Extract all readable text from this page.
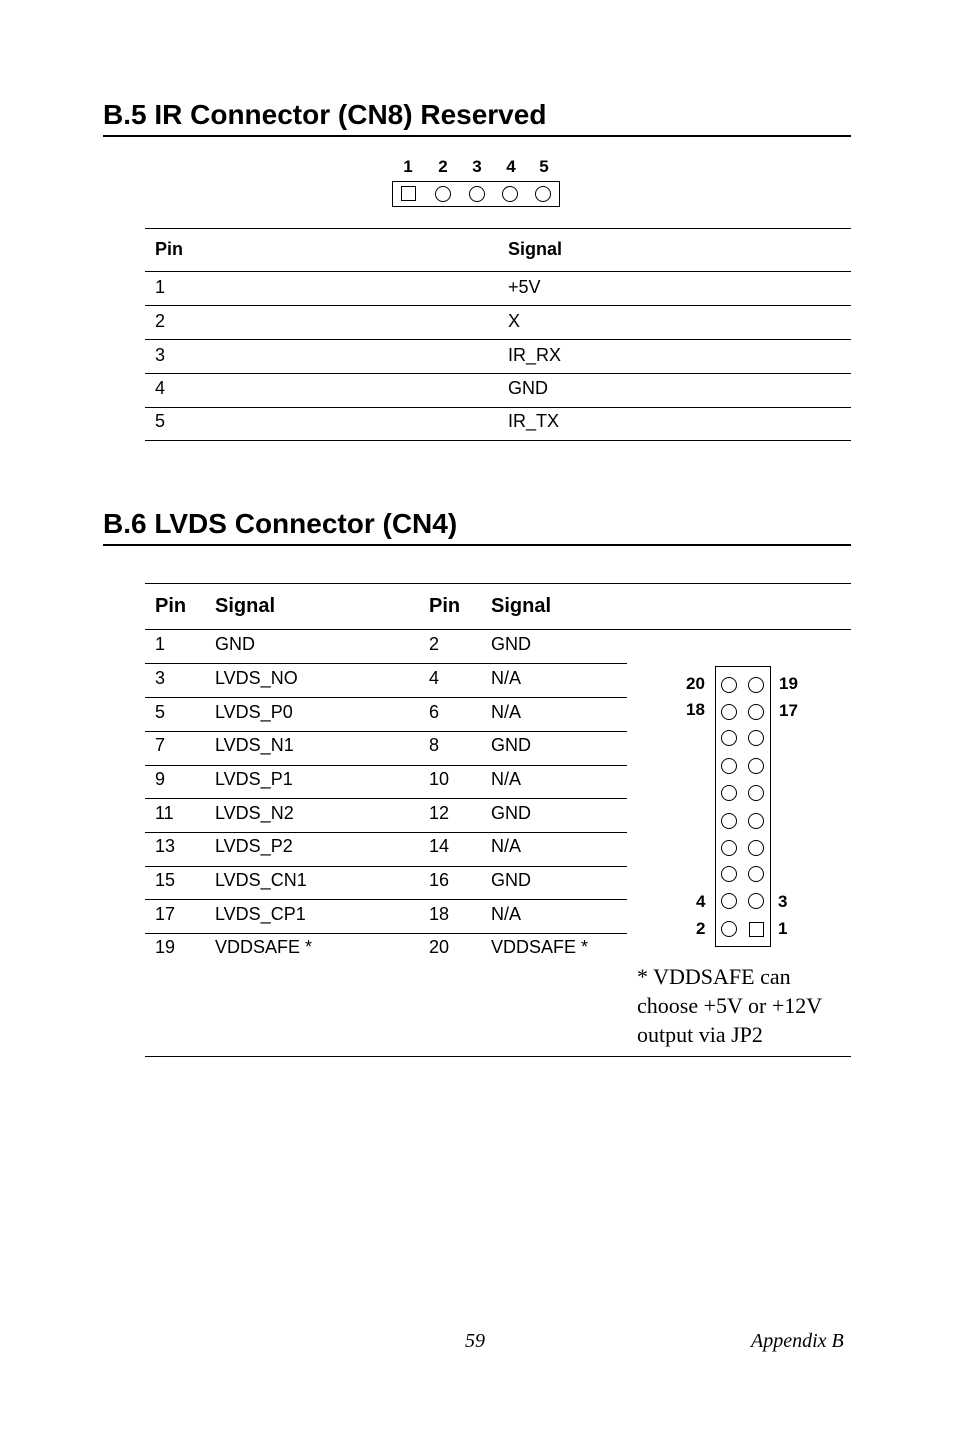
B.5 IR Connector (CN8) Reserved
1	2	3	4	5
Pin	Signal
1	+5V
2	X
3	IR_RX
4	GND
5	IR_TX
B.6 LVDS Connector (CN4)
Pin Signal	Pin Signal
1	GND	2	GND
3	LVDS_NO	4	N/A
5	LVDS_P0	6	N/A
7	LVDS_N1	8	GND
9	LVDS_P1	10 N/A
11 LVDS_N2	12 GND
13 LVDS_P2	14 N/A
15 LVDS_CN1	16 GND
17 LVDS_CP1	18 N/A
19 VDDSAFE *	20 VDDSAFE *
20	19
18	17
4	3
2	1
* VDDSAFE can
choose +5V or +12V
output via JP2
59	Appendix B
